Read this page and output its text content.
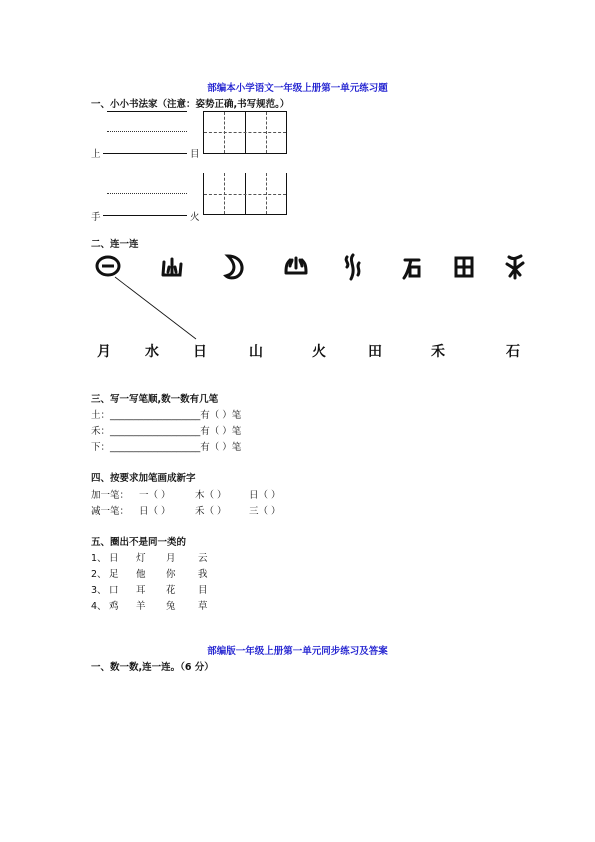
部编本小学语文一年级上册第一单元练习题
一、小小书法家（注意：姿势正确,书写规范。）
上	目
手	火
二、连一连
月 水 日	山	火	田	禾	石
三、写一写笔顺,数一数有几笔
土：___________________有（ ）笔
禾：___________________有（ ）笔
下：___________________有（ ）笔
四、按要求加笔画成新字
加一笔： 一（ ）	木（ ） 日（ ）
减一笔： 日（ ）	禾（ ） 三（ ）
五、圈出不是同一类的
1、 日 灯 月 云
2、 足 他 你 我
3、 口 耳 花 目
4、 鸡 羊 兔 草
部编版一年级上册第一单元同步练习及答案
一、数一数,连一连。（6 分）
